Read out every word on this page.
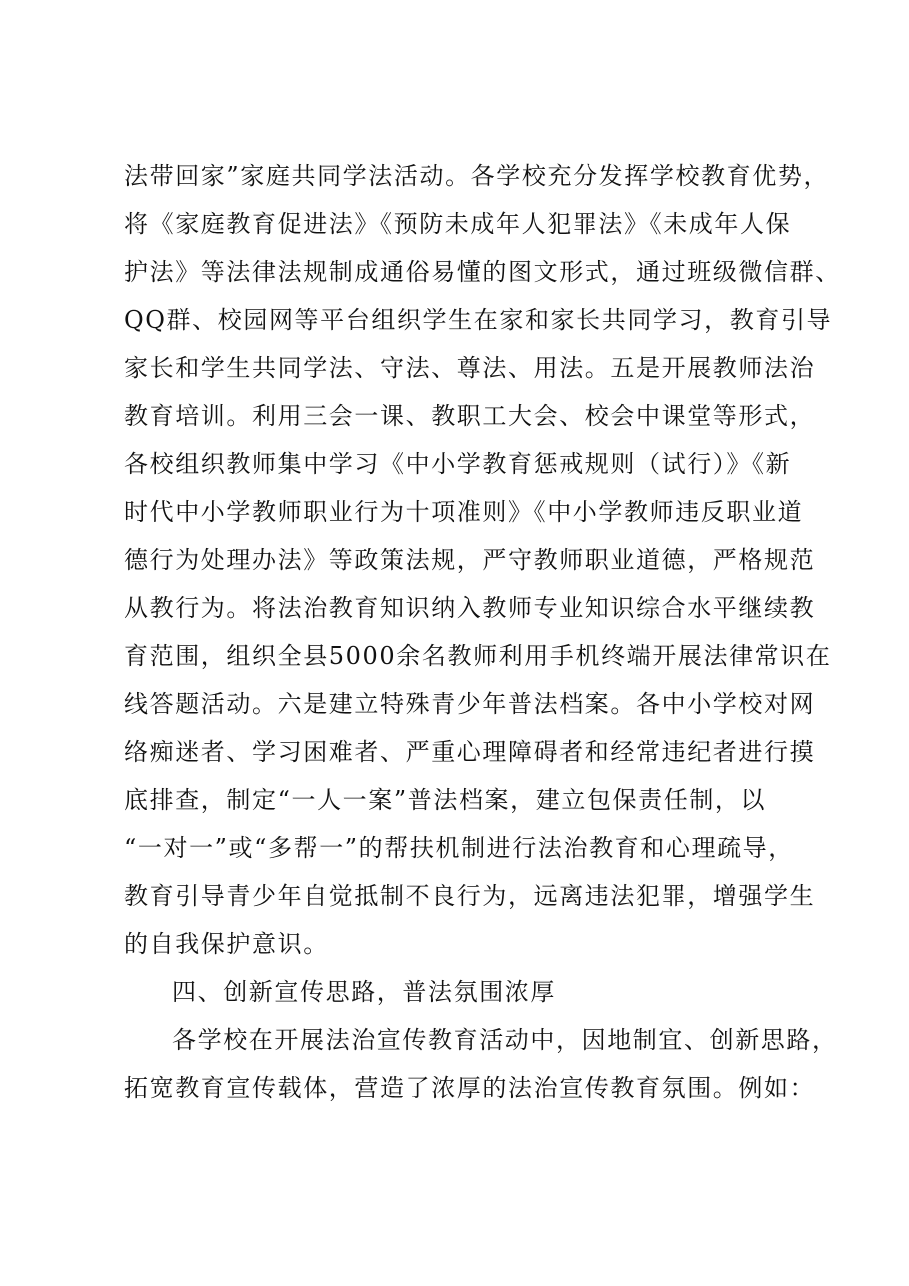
法带回家”家庭共同学法活动。各学校充分发挥学校教育优势，
将《家庭教育促进法》《预防未成年人犯罪法》《未成年人保
护法》等法律法规制成通俗易懂的图文形式，通过班级微信群、
QQ群、校园网等平台组织学生在家和家长共同学习，教育引导
家长和学生共同学法、守法、尊法、用法。五是开展教师法治
教育培训。利用三会一课、教职工大会、校会中课堂等形式，
各校组织教师集中学习《中小学教育惩戒规则（试行）》《新
时代中小学教师职业行为十项准则》《中小学教师违反职业道
德行为处理办法》等政策法规，严守教师职业道德，严格规范
从教行为。将法治教育知识纳入教师专业知识综合水平继续教
育范围，组织全县5000余名教师利用手机终端开展法律常识在
线答题活动。六是建立特殊青少年普法档案。各中小学校对网
络痴迷者、学习困难者、严重心理障碍者和经常违纪者进行摸
底排查，制定“一人一案”普法档案，建立包保责任制，以
“一对一”或“多帮一”的帮扶机制进行法治教育和心理疏导，
教育引导青少年自觉抵制不良行为，远离违法犯罪，增强学生
的自我保护意识。
四、创新宣传思路，普法氛围浓厚
各学校在开展法治宣传教育活动中，因地制宜、创新思路，
拓宽教育宣传载体，营造了浓厚的法治宣传教育氛围。例如：
